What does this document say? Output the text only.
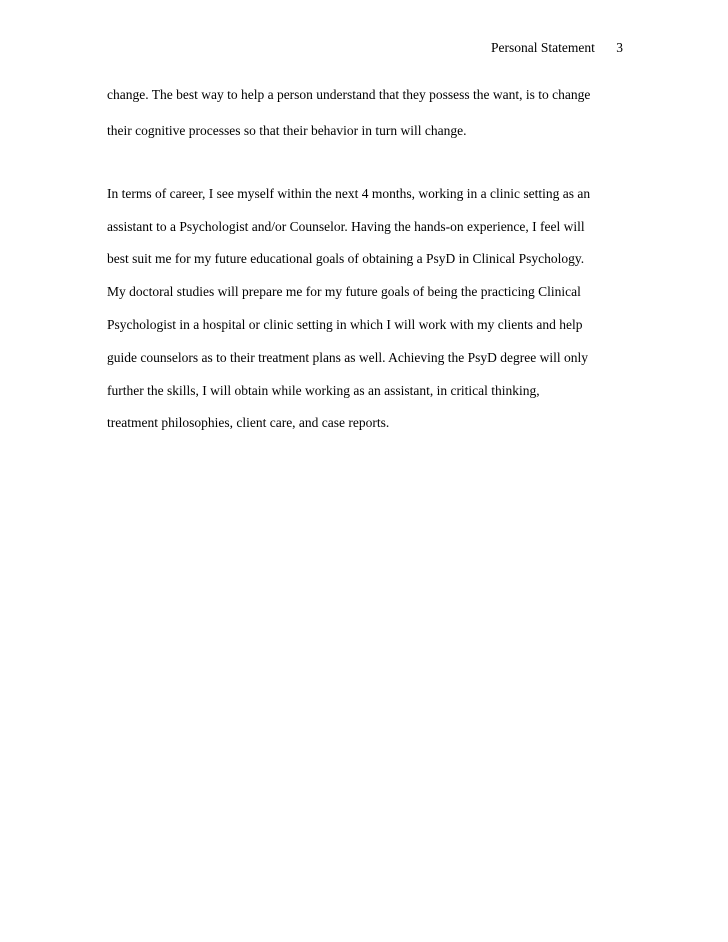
Personal Statement 3
change. The best way to help a person understand that they possess the want, is to change
their cognitive processes so that their behavior in turn will change.
In terms of career, I see myself within the next 4 months, working in a clinic setting as an
assistant to a Psychologist and/or Counselor. Having the hands-on experience, I feel will
best suit me for my future educational goals of obtaining a PsyD in Clinical Psychology.
My doctoral studies will prepare me for my future goals of being the practicing Clinical
Psychologist in a hospital or clinic setting in which I will work with my clients and help
guide counselors as to their treatment plans as well. Achieving the PsyD degree will only
further the skills, I will obtain while working as an assistant, in critical thinking,
treatment philosophies, client care, and case reports.
